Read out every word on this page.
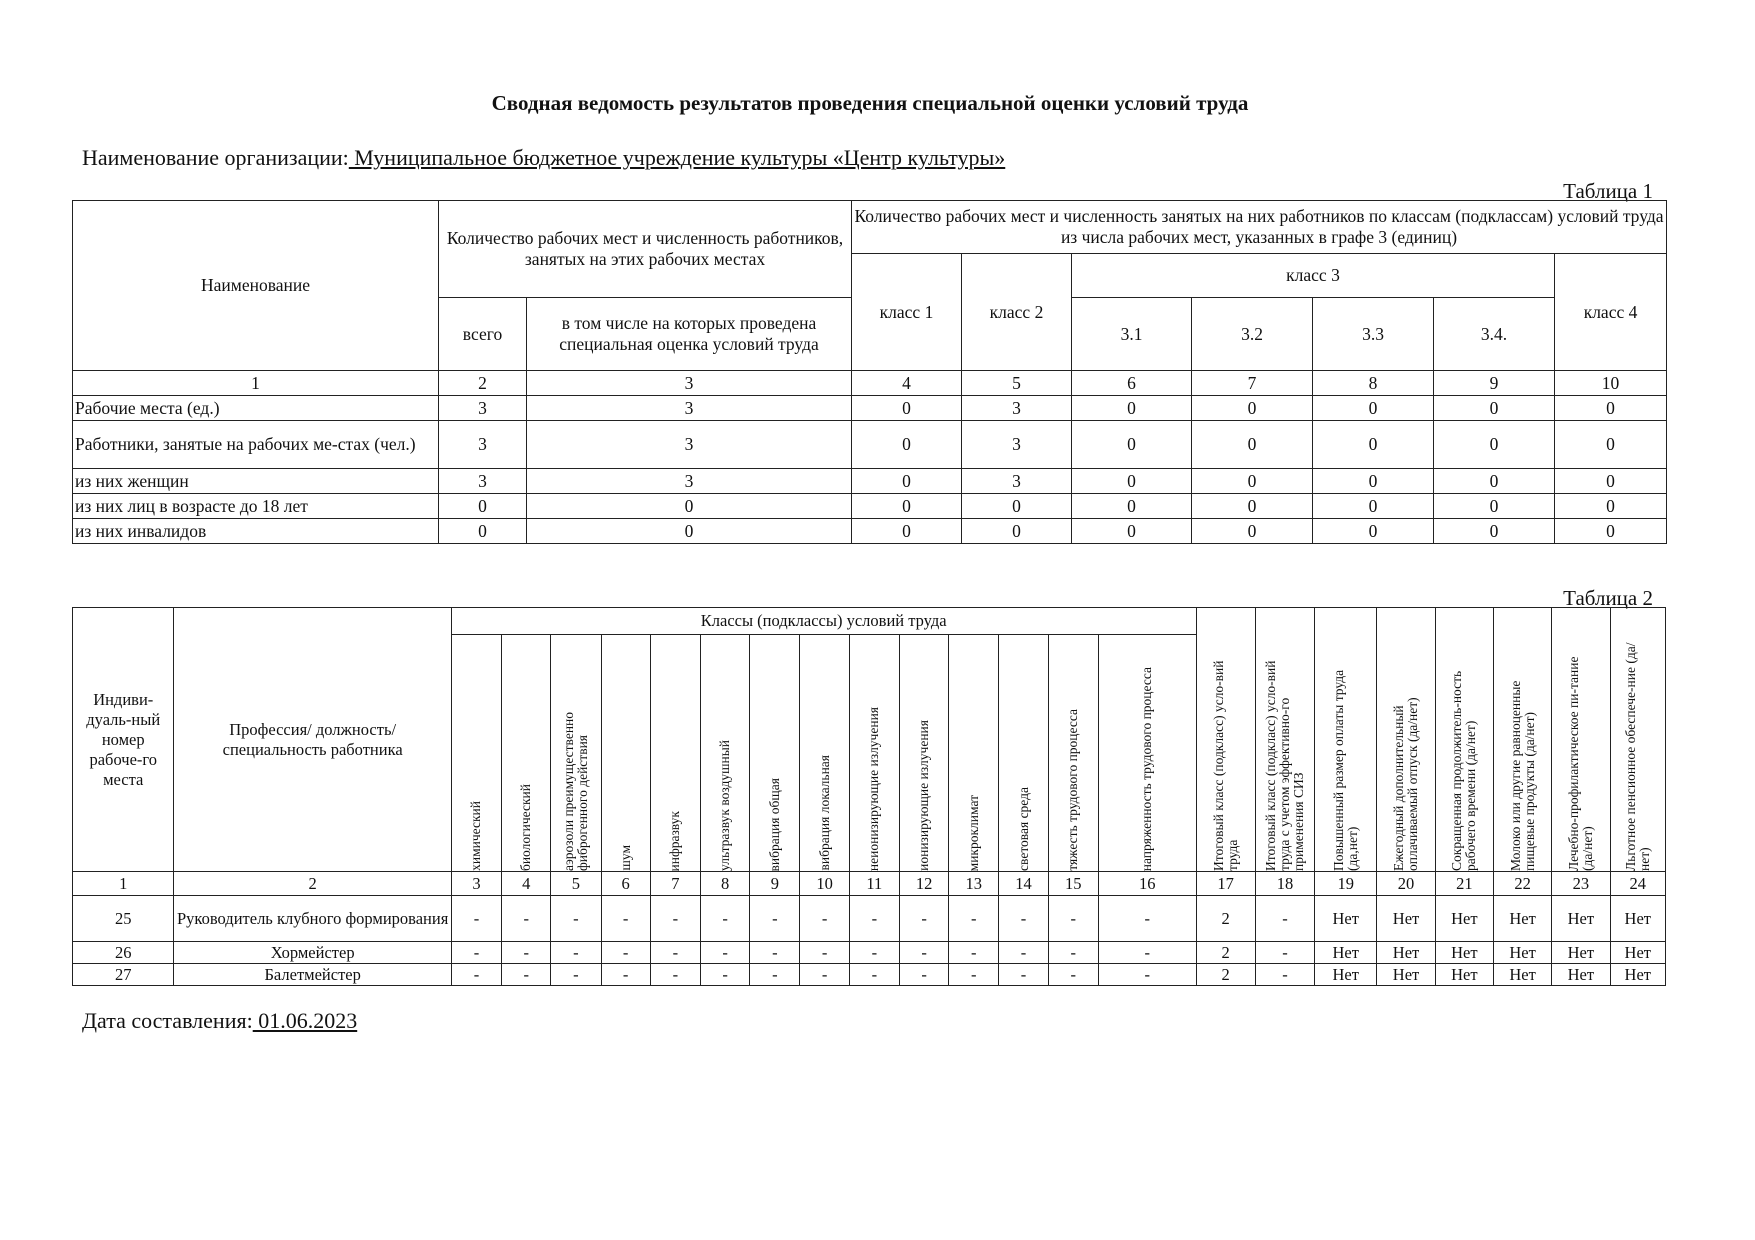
Сводная ведомость результатов проведения специальной оценки условий труда
Наименование организации: Муниципальное бюджетное учреждение культуры «Центр культуры»
Таблица 1
Наименование	Количество рабочих мест и численность работников, занятых на этих рабочих местах		Количество рабочих мест и численность занятых на них работников по классам (подклассам) условий труда из числа рабочих мест, указанных в графе 3 (единиц)						
			класс 1	класс 2	класс 3				класс 4
	всего	в том числе на которых проведена специальная оценка условий труда			3.1	3.2	3.3	3.4.	
1	2	3	4	5	6	7	8	9	10
Рабочие места (ед.)	3	3	0	3	0	0	0	0	0
Работники, занятые на рабочих ме-стах (чел.)	3	3	0	3	0	0	0	0	0
из них женщин	3	3	0	3	0	0	0	0	0
из них лиц в возрасте до 18 лет	0	0	0	0	0	0	0	0	0
из них инвалидов	0	0	0	0	0	0	0	0	0
Таблица 2
Индиви-дуаль-ный номер рабоче-го места	Профессия/ должность/ специальность работника	Классы (подклассы) условий труда														Итоговый класс (подкласс) усло-вий труда	Итоговый класс (подкласс) усло-вий труда с учетом эффективно-го применения СИЗ	Повышенный размер оплаты труда (да,нет)	Ежегодный дополнительный оплачиваемый отпуск (да/нет)	Сокращенная продолжитель-ность рабочего времени (да/нет)	Молоко или другие равноценные пищевые продукты (да/нет)	Лечебно-профилактическое пи-тание (да/нет)	Льготное пенсионное обеспече-ние (да/нет)

		химический	биологический	аэрозоли преимущественно фиброгенного действия	шум	инфразвук	ультразвук воздушный	вибрация общая	вибрация локальная	неионизирующие излучения	ионизирующие излучения	микроклимат	световая среда	тяжесть трудового процесса	напряженность трудового процесса								

1	2	3	4	5	6	7	8	9	10	11	12	13	14	15	16	17	18	19	20	21	22	23	24
25	Руководитель клубного формирования	-	-	-	-	-	-	-	-	-	-	-	-	-	-	2	-	Нет	Нет	Нет	Нет	Нет	Нет
26	Хормейстер	-	-	-	-	-	-	-	-	-	-	-	-	-	-	2	-	Нет	Нет	Нет	Нет	Нет	Нет
27	Балетмейстер	-	-	-	-	-	-	-	-	-	-	-	-	-	-	2	-	Нет	Нет	Нет	Нет	Нет	Нет
Дата составления: 01.06.2023
